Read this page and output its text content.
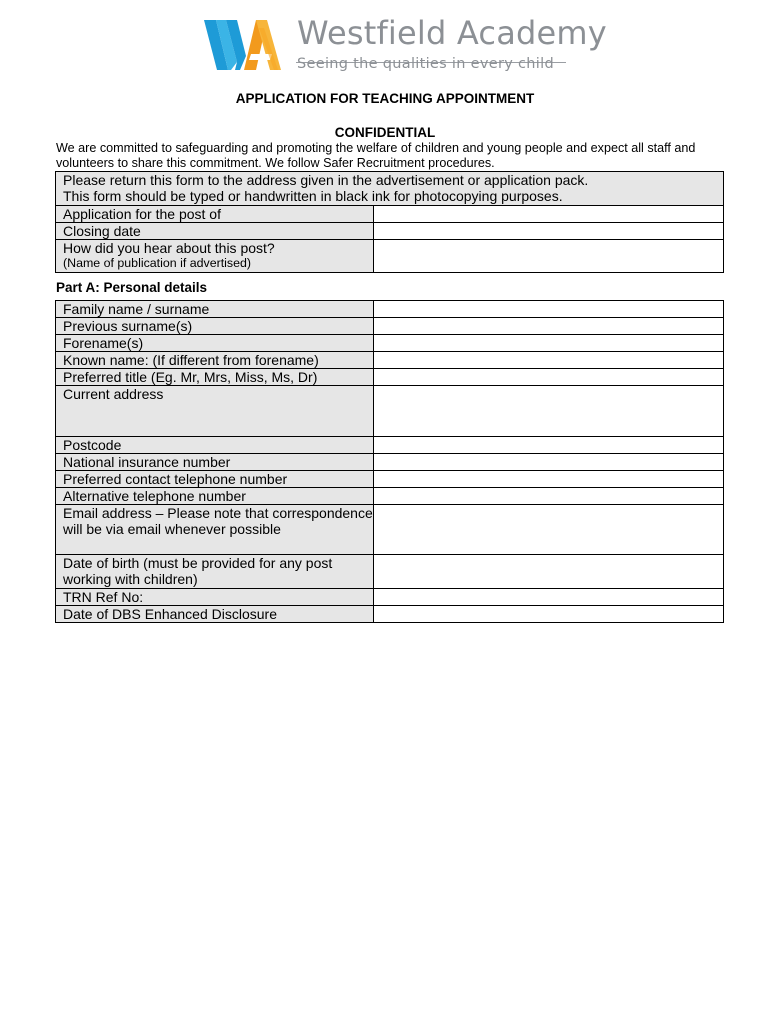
Westfield Academy
Seeing the qualities in every child
APPLICATION FOR TEACHING APPOINTMENT
CONFIDENTIAL
We are committed to safeguarding and promoting the welfare of children and young people and expect all staff and volunteers to share this commitment. We follow Safer Recruitment procedures.
Please return this form to the address given in the advertisement or application pack.
This form should be typed or handwritten in black ink for photocopying purposes.	

Application for the post of	
Closing date	

How did you hear about this post?
(Name of publication if advertised)	

Part A: Personal details
Family name / surname	
Previous surname(s)	
Forename(s)	
Known name: (If different from forename)	
Preferred title (Eg. Mr, Mrs, Miss, Ms, Dr)	
Current address	
Postcode	
National insurance number	
Preferred contact telephone number	
Alternative telephone number	
Email address – Please note that correspondence will be via email whenever possible	
Date of birth (must be provided for any post working with children)	
TRN Ref No:	
Date of DBS Enhanced Disclosure	
